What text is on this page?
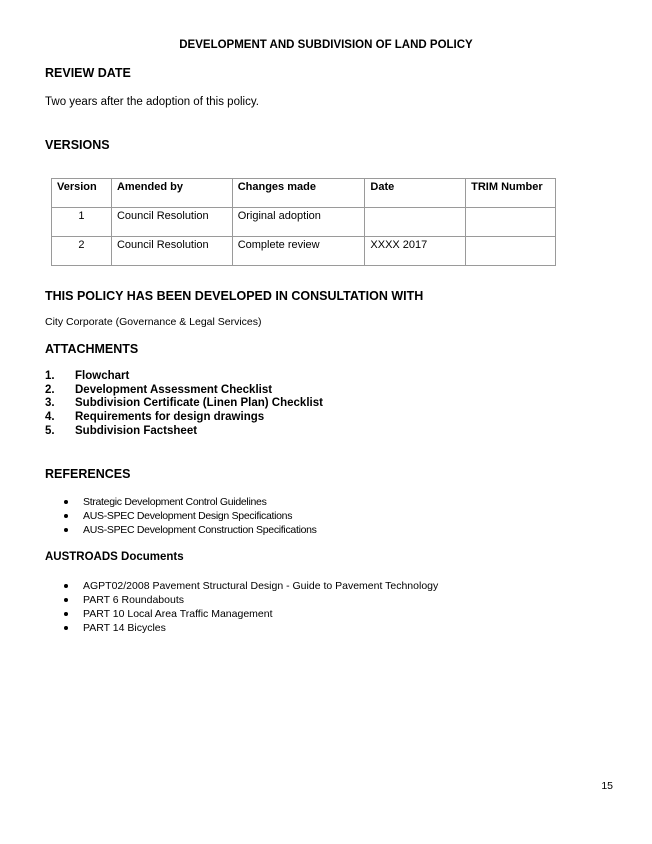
DEVELOPMENT AND SUBDIVISION OF LAND POLICY
REVIEW DATE
Two years after the adoption of this policy.
VERSIONS
Version	Amended by	Changes made	Date	TRIM Number
1	Council Resolution	Original adoption		
2	Council Resolution	Complete review	XXXX 2017	
THIS POLICY HAS BEEN DEVELOPED IN CONSULTATION WITH
City Corporate (Governance & Legal Services)
ATTACHMENTS
1. Flowchart
2. Development Assessment Checklist
3. Subdivision Certificate (Linen Plan) Checklist
4. Requirements for design drawings
5. Subdivision Factsheet
REFERENCES
Strategic Development Control Guidelines
AUS-SPEC Development Design Specifications
AUS-SPEC Development Construction Specifications
AUSTROADS Documents
AGPT02/2008 Pavement Structural Design - Guide to Pavement Technology
PART 6 Roundabouts
PART 10 Local Area Traffic Management
PART 14 Bicycles
15
